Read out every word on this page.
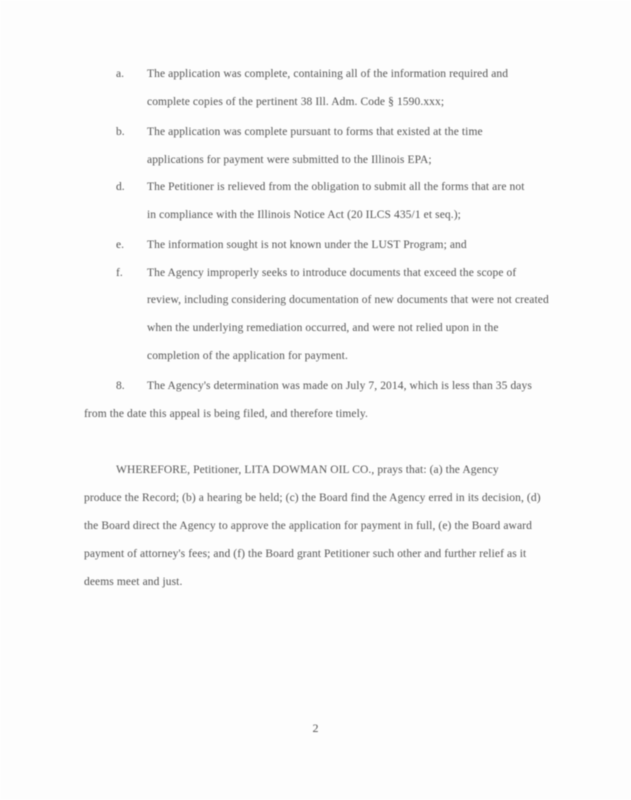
a. The application was complete, containing all of the information required and
complete copies of the pertinent 38 Ill. Adm. Code § 1590.xxx;
b. The application was complete pursuant to forms that existed at the time
applications for payment were submitted to the Illinois EPA;
d. The Petitioner is relieved from the obligation to submit all the forms that are not
in compliance with the Illinois Notice Act (20 ILCS 435/1 et seq.);
e. The information sought is not known under the LUST Program; and
f. The Agency improperly seeks to introduce documents that exceed the scope of
review, including considering documentation of new documents that were not created
when the underlying remediation occurred, and were not relied upon in the
completion of the application for payment.
8. The Agency's determination was made on July 7, 2014, which is less than 35 days
from the date this appeal is being filed, and therefore timely.
WHEREFORE, Petitioner, LITA DOWMAN OIL CO., prays that: (a) the Agency
produce the Record; (b) a hearing be held; (c) the Board find the Agency erred in its decision, (d)
the Board direct the Agency to approve the application for payment in full, (e) the Board award
payment of attorney's fees; and (f) the Board grant Petitioner such other and further relief as it
deems meet and just.
2
